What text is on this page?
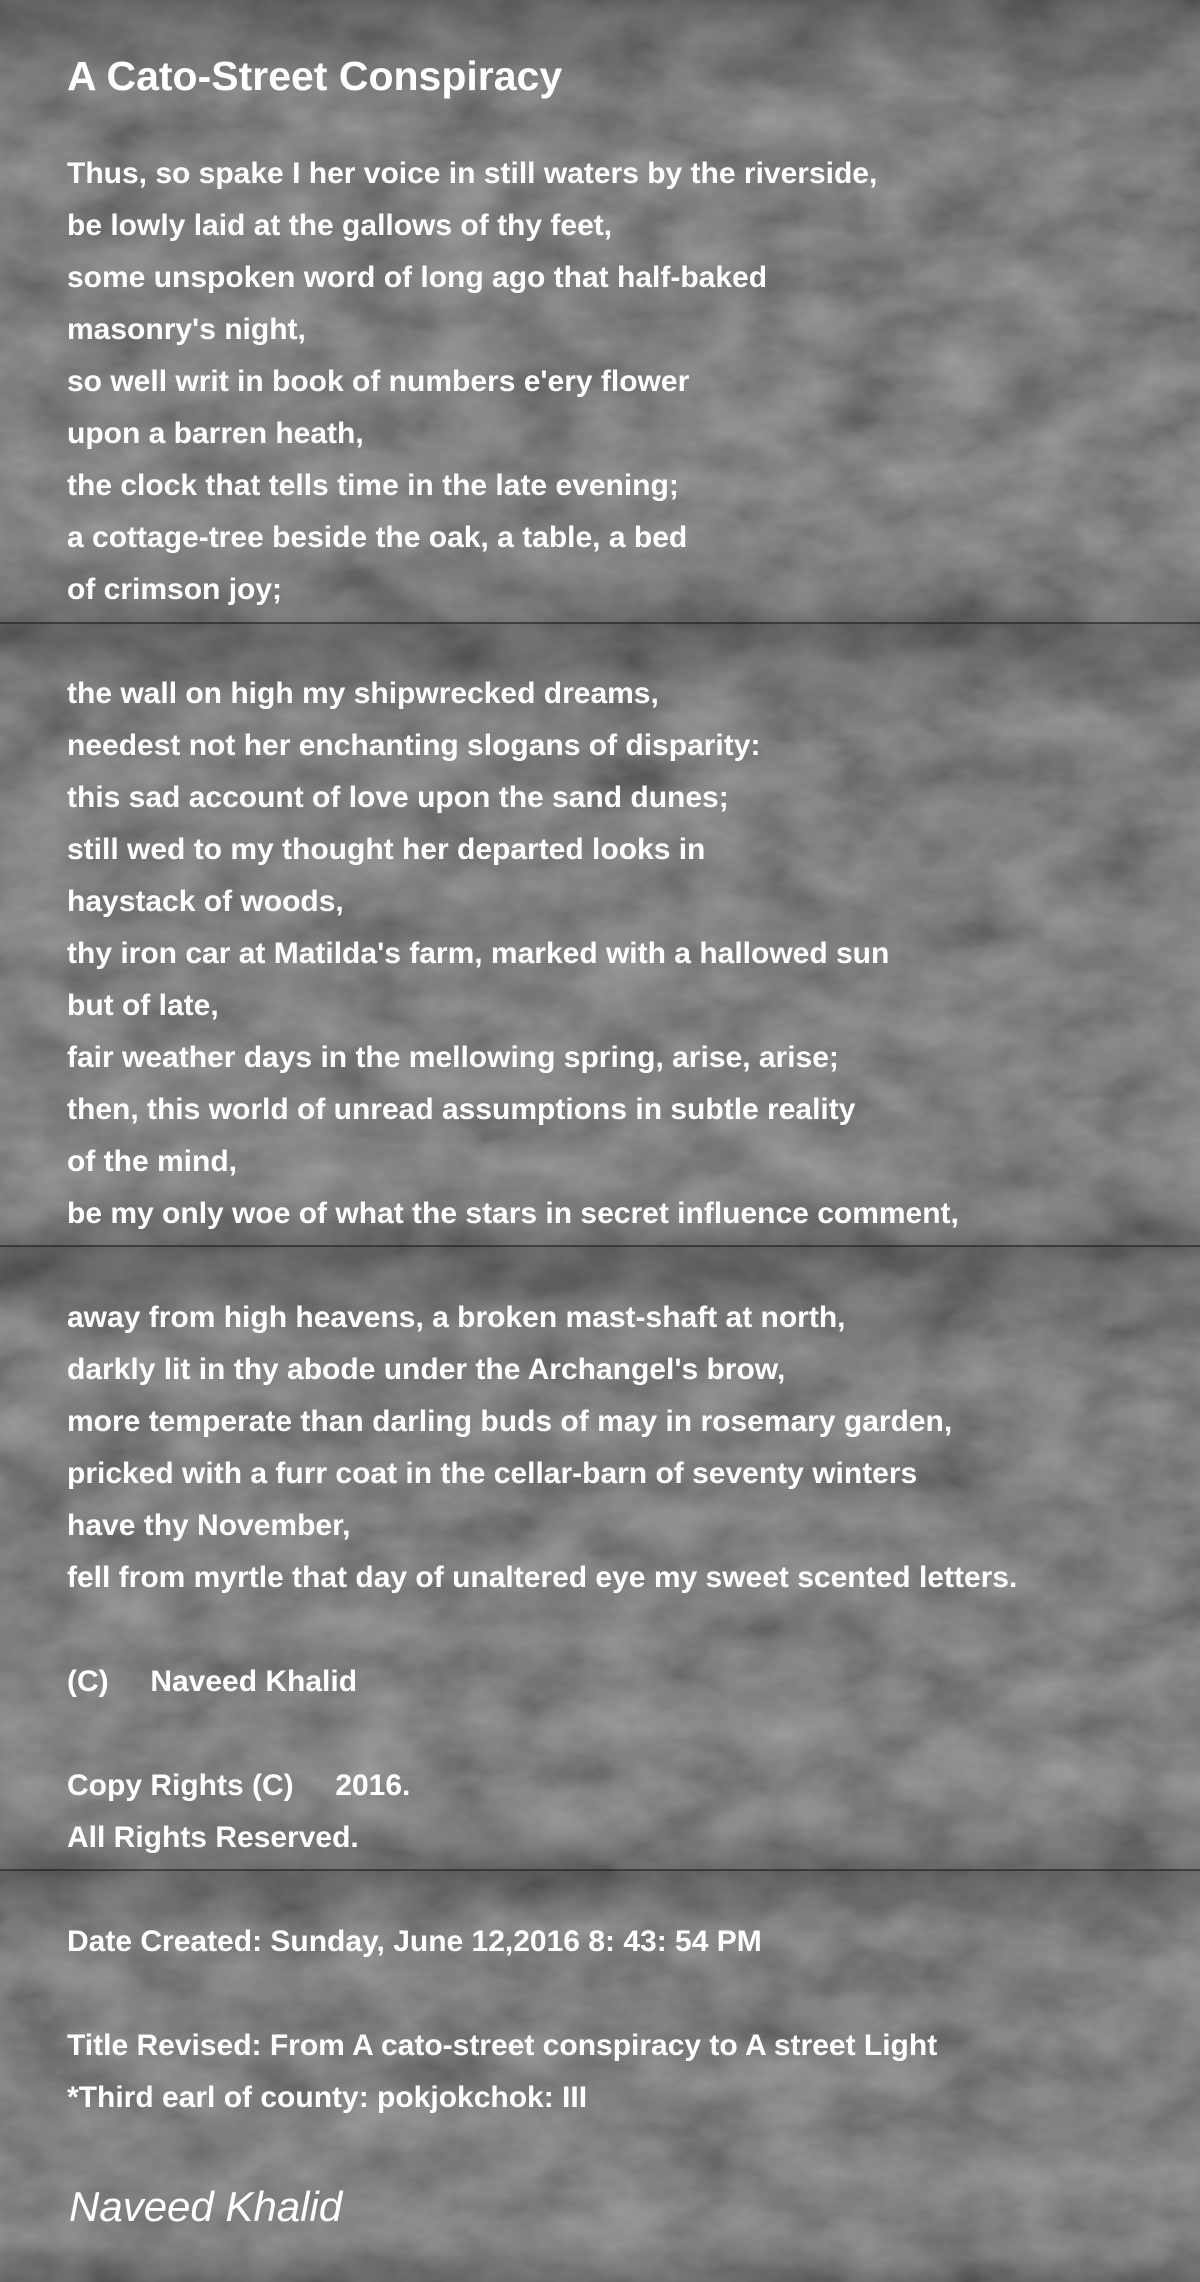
A Cato-Street Conspiracy
Thus, so spake I her voice in still waters by the riverside,
be lowly laid at the gallows of thy feet,
some unspoken word of long ago that half-baked
masonry's night,
so well writ in book of numbers e'ery flower
upon a barren heath,
the clock that tells time in the late evening;
a cottage-tree beside the oak, a table, a bed
of crimson joy;
the wall on high my shipwrecked dreams,
needest not her enchanting slogans of disparity:
this sad account of love upon the sand dunes;
still wed to my thought her departed looks in
haystack of woods,
thy iron car at Matilda's farm, marked with a hallowed sun
but of late,
fair weather days in the mellowing spring, arise, arise;
then, this world of unread assumptions in subtle reality
of the mind,
be my only woe of what the stars in secret influence comment,
away from high heavens, a broken mast-shaft at north,
darkly lit in thy abode under the Archangel's brow,
more temperate than darling buds of may in rosemary garden,
pricked with a furr coat in the cellar-barn of seventy winters
have thy November,
fell from myrtle that day of unaltered eye my sweet scented letters.
(C)     Naveed Khalid
Copy Rights (C)     2016.
All Rights Reserved.
Date Created: Sunday, June 12,2016 8: 43: 54 PM
Title Revised: From A cato-street conspiracy to A street Light
*Third earl of county: pokjokchok: III
Naveed Khalid
